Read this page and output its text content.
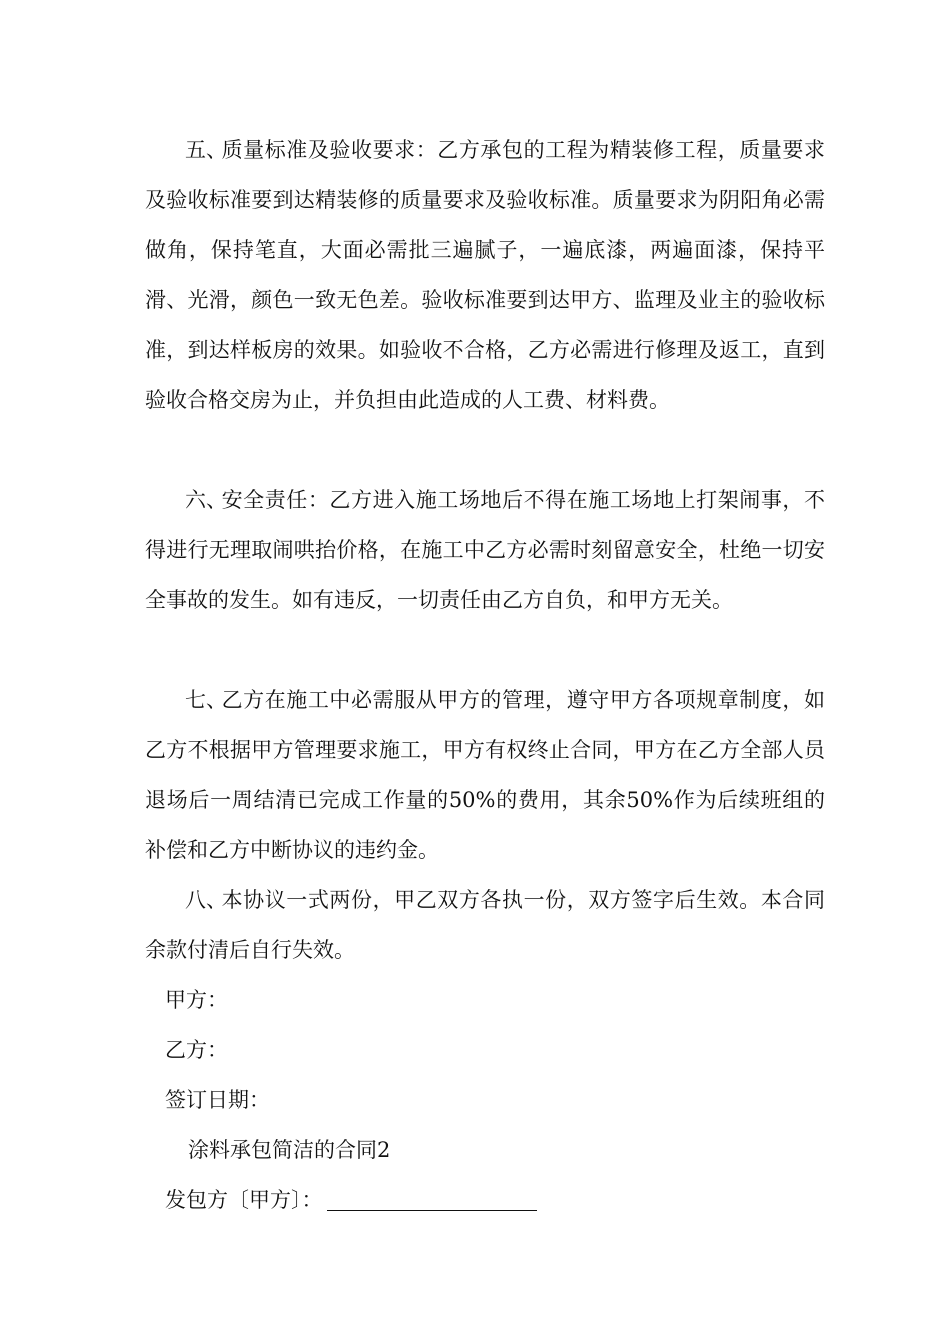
五、质量标准及验收要求：乙方承包的工程为精装修工程，质量要求及验收标准要到达精装修的质量要求及验收标准。质量要求为阴阳角必需做角，保持笔直，大面必需批三遍腻子，一遍底漆，两遍面漆，保持平滑、光滑，颜色一致无色差。验收标准要到达甲方、监理及业主的验收标准，到达样板房的效果。如验收不合格，乙方必需进行修理及返工，直到验收合格交房为止，并负担由此造成的人工费、材料费。

六、安全责任：乙方进入施工场地后不得在施工场地上打架闹事，不得进行无理取闹哄抬价格，在施工中乙方必需时刻留意安全，杜绝一切安全事故的发生。如有违反，一切责任由乙方自负，和甲方无关。

七、乙方在施工中必需服从甲方的管理，遵守甲方各项规章制度，如乙方不根据甲方管理要求施工，甲方有权终止合同，甲方在乙方全部人员退场后一周结清已完成工作量的50%的费用，其余50%作为后续班组的补偿和乙方中断协议的违约金。

八、本协议一式两份，甲乙双方各执一份，双方签字后生效。本合同余款付清后自行失效。

甲方：

乙方：

签订日期：

涂料承包简洁的合同2

发包方〔甲方〕：
